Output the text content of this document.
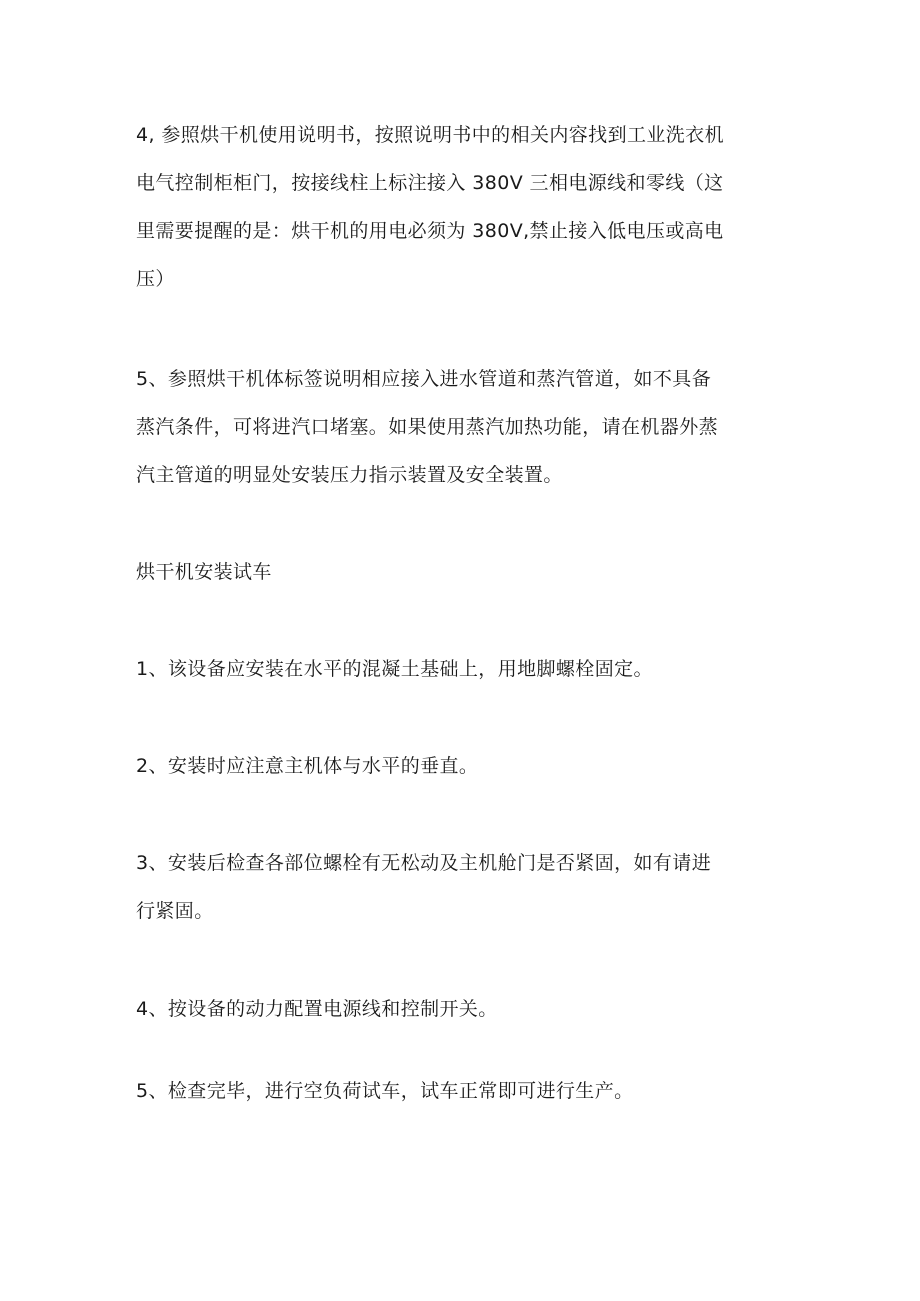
4, 参照烘干机使用说明书，按照说明书中的相关内容找到工业洗衣机
电气控制柜柜门，按接线柱上标注接入 380V 三相电源线和零线（这
里需要提醒的是：烘干机的用电必须为 380V,禁止接入低电压或高电
压）

5、参照烘干机体标签说明相应接入进水管道和蒸汽管道，如不具备
蒸汽条件，可将进汽口堵塞。如果使用蒸汽加热功能，请在机器外蒸
汽主管道的明显处安装压力指示装置及安全装置。

烘干机安装试车

1、该设备应安装在水平的混凝土基础上，用地脚螺栓固定。

2、安装时应注意主机体与水平的垂直。

3、安装后检查各部位螺栓有无松动及主机舱门是否紧固，如有请进
行紧固。

4、按设备的动力配置电源线和控制开关。

5、检查完毕，进行空负荷试车，试车正常即可进行生产。
